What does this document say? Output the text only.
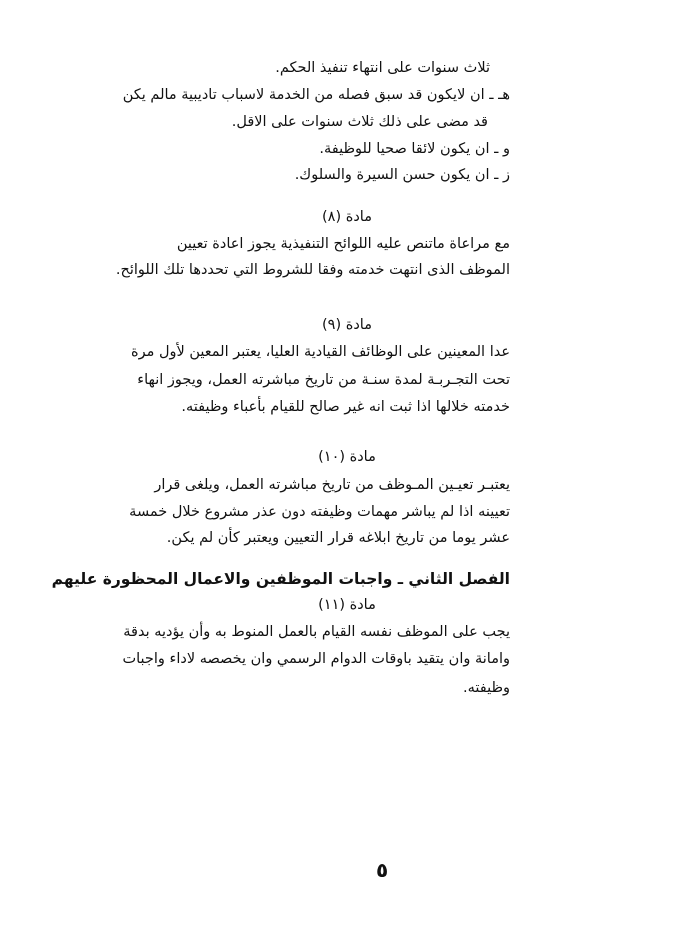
ثلاث سنوات على انتهاء تنفيذ الحكم.
هـ ـ ان لايكون قد سبق فصله من الخدمة لاسباب تاديبية مالم يكن
قد مضى على ذلك ثلاث سنوات على الاقل.
و ـ ان يكون لائقا صحيا للوظيفة.
ز ـ ان يكون حسن السيرة والسلوك.
مادة (٨)
مع مراعاة ماتنص عليه اللوائح التنفيذية يجوز اعادة تعيين
الموظف الذى انتهت خدمته وفقا للشروط التي تحددها تلك اللوائح.
مادة (٩)
عدا المعينين على الوظائف القيادية العليا، يعتبر المعين لأول مرة
تحت التجـربـة لمدة سنـة من تاريخ مباشرته العمل، ويجوز انهاء
خدمته خلالها اذا ثبت انه غير صالح للقيام بأعباء وظيفته.
مادة (١٠)
يعتبـر تعيـين المـوظف من تاريخ مباشرته العمل، ويلغى قرار
تعيينه اذا لم يباشر مهمات وظيفته دون عذر مشروع خلال خمسة
عشر يوما من تاريخ ابلاغه قرار التعيين ويعتبر كأن لم يكن.
الفصل الثاني ـ واجبات الموظفين والاعمال المحظورة عليهم
مادة (١١)
يجب على الموظف نفسه القيام بالعمل المنوط به وأن يؤديه بدقة
وامانة وان يتقيد باوقات الدوام الرسمي وان يخصصه لاداء واجبات
وظيفته.
٥
